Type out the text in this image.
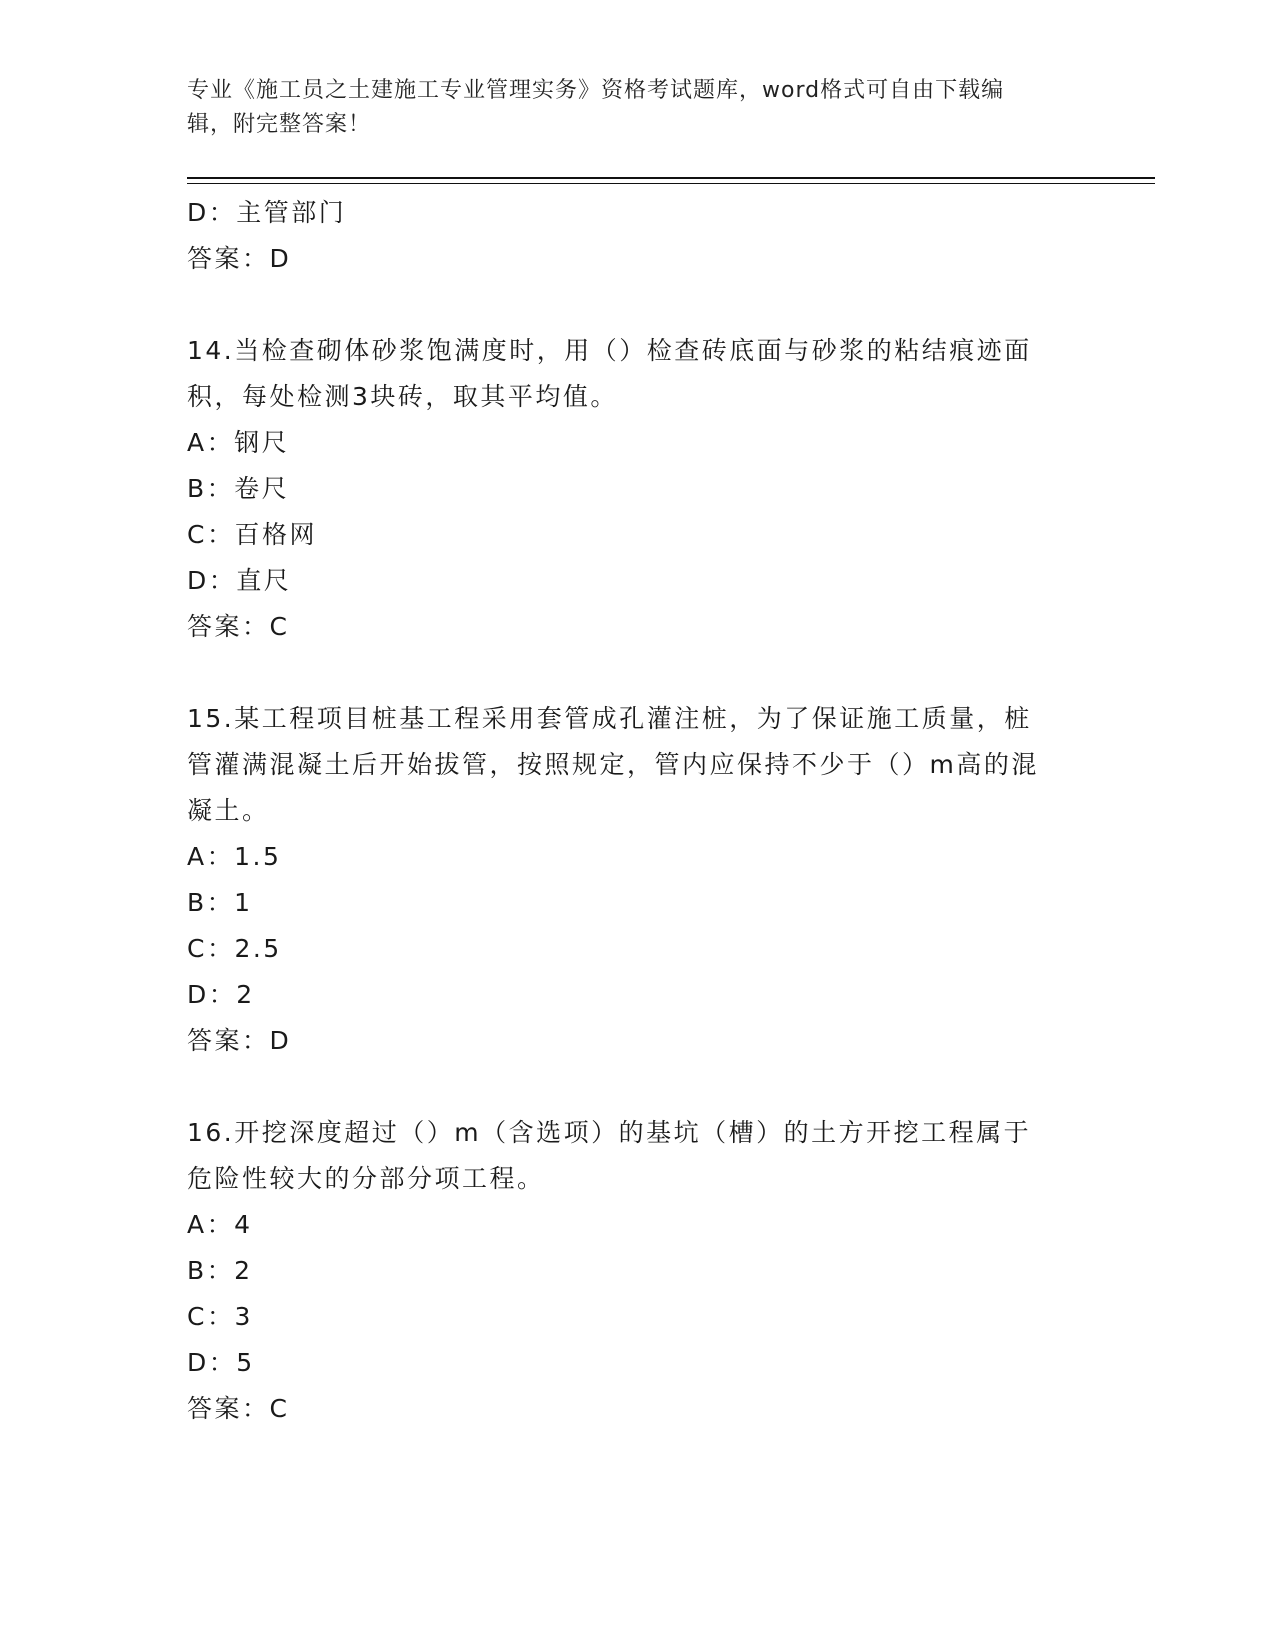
专业《施工员之土建施工专业管理实务》资格考试题库，word格式可自由下载编
辑，附完整答案！
D：主管部门
答案：D
14.当检查砌体砂浆饱满度时，用（）检查砖底面与砂浆的粘结痕迹面
积，每处检测3块砖，取其平均值。
A：钢尺
B：卷尺
C：百格网
D：直尺
答案：C
15.某工程项目桩基工程采用套管成孔灌注桩，为了保证施工质量，桩
管灌满混凝土后开始拔管，按照规定，管内应保持不少于（）m高的混
凝土。
A：1.5
B：1
C：2.5
D：2
答案：D
16.开挖深度超过（）m（含选项）的基坑（槽）的土方开挖工程属于
危险性较大的分部分项工程。
A：4
B：2
C：3
D：5
答案：C
